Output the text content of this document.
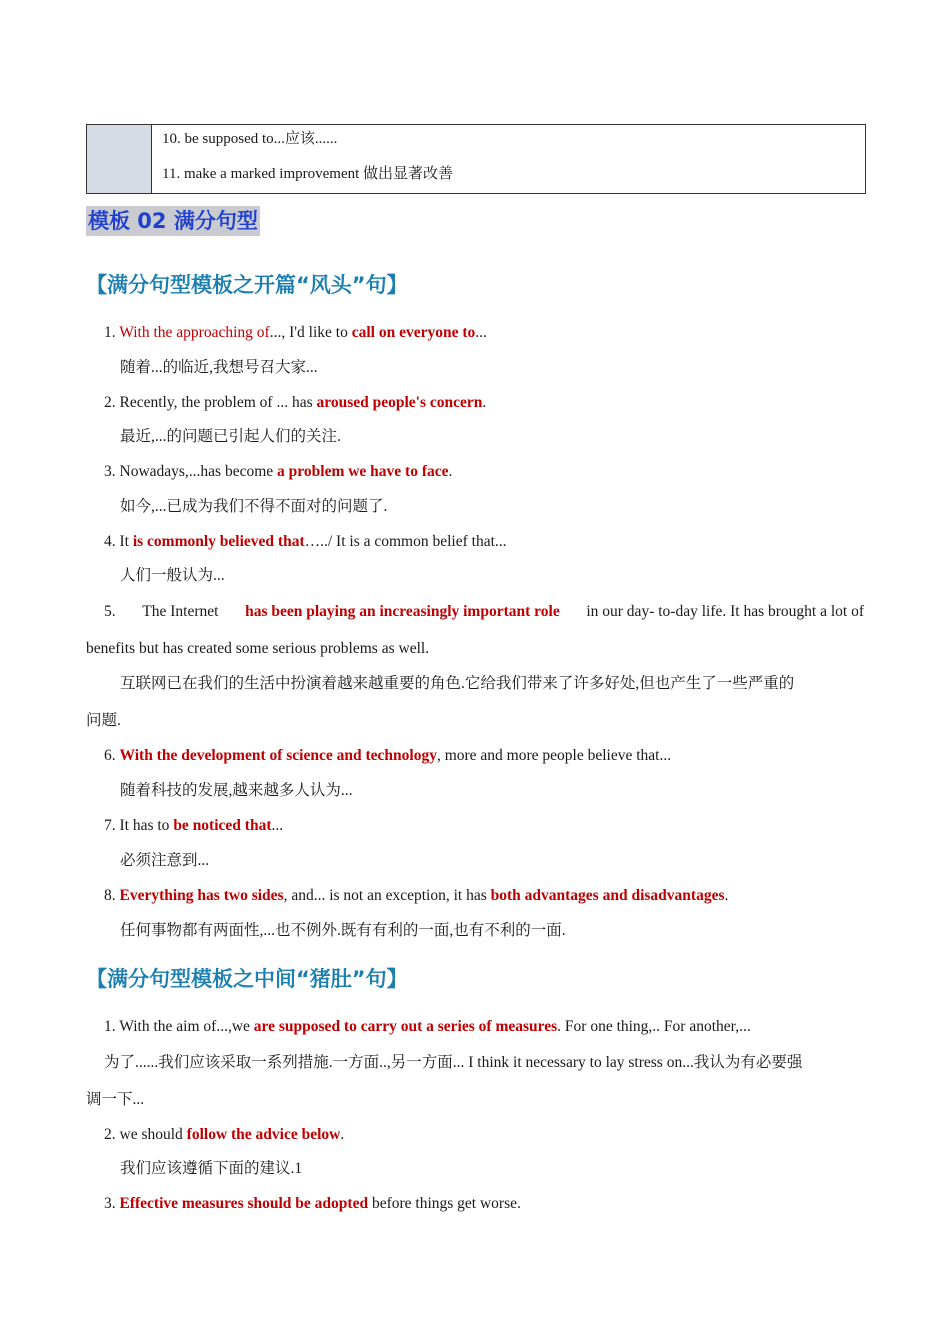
10. be supposed to...应该......
11. make a marked improvement 做出显著改善
模板 02 满分句型
【满分句型模板之开篇“风头”句】
1. With the approaching of..., I'd like to call on everyone to...
随着...的临近,我想号召大家...
2. Recently, the problem of ... has aroused people's concern.
最近,...的问题已引起人们的关注.
3. Nowadays,...has become a problem we have to face.
如今,...已成为我们不得不面对的问题了.
4. It is commonly believed that…../ It is a common belief that...
人们一般认为...
5. The Internet has been playing an increasingly important role in our day- to-day life. It has brought a lot of
benefits but has created some serious problems as well.
互联网已在我们的生活中扮演着越来越重要的角色.它给我们带来了许多好处,但也产生了一些严重的
问题.
6. With the development of science and technology, more and more people believe that...
随着科技的发展,越来越多人认为...
7. It has to be noticed that...
必须注意到...
8. Everything has two sides, and... is not an exception, it has both advantages and disadvantages.
任何事物都有两面性,...也不例外.既有有利的一面,也有不利的一面.
【满分句型模板之中间“猪肚”句】
1. With the aim of...,we are supposed to carry out a series of measures. For one thing,.. For another,...
为了......我们应该采取一系列措施.一方面..,另一方面... I think it necessary to lay stress on...我认为有必要强
调一下...
2. we should follow the advice below.
我们应该遵循下面的建议.1
3. Effective measures should be adopted before things get worse.
